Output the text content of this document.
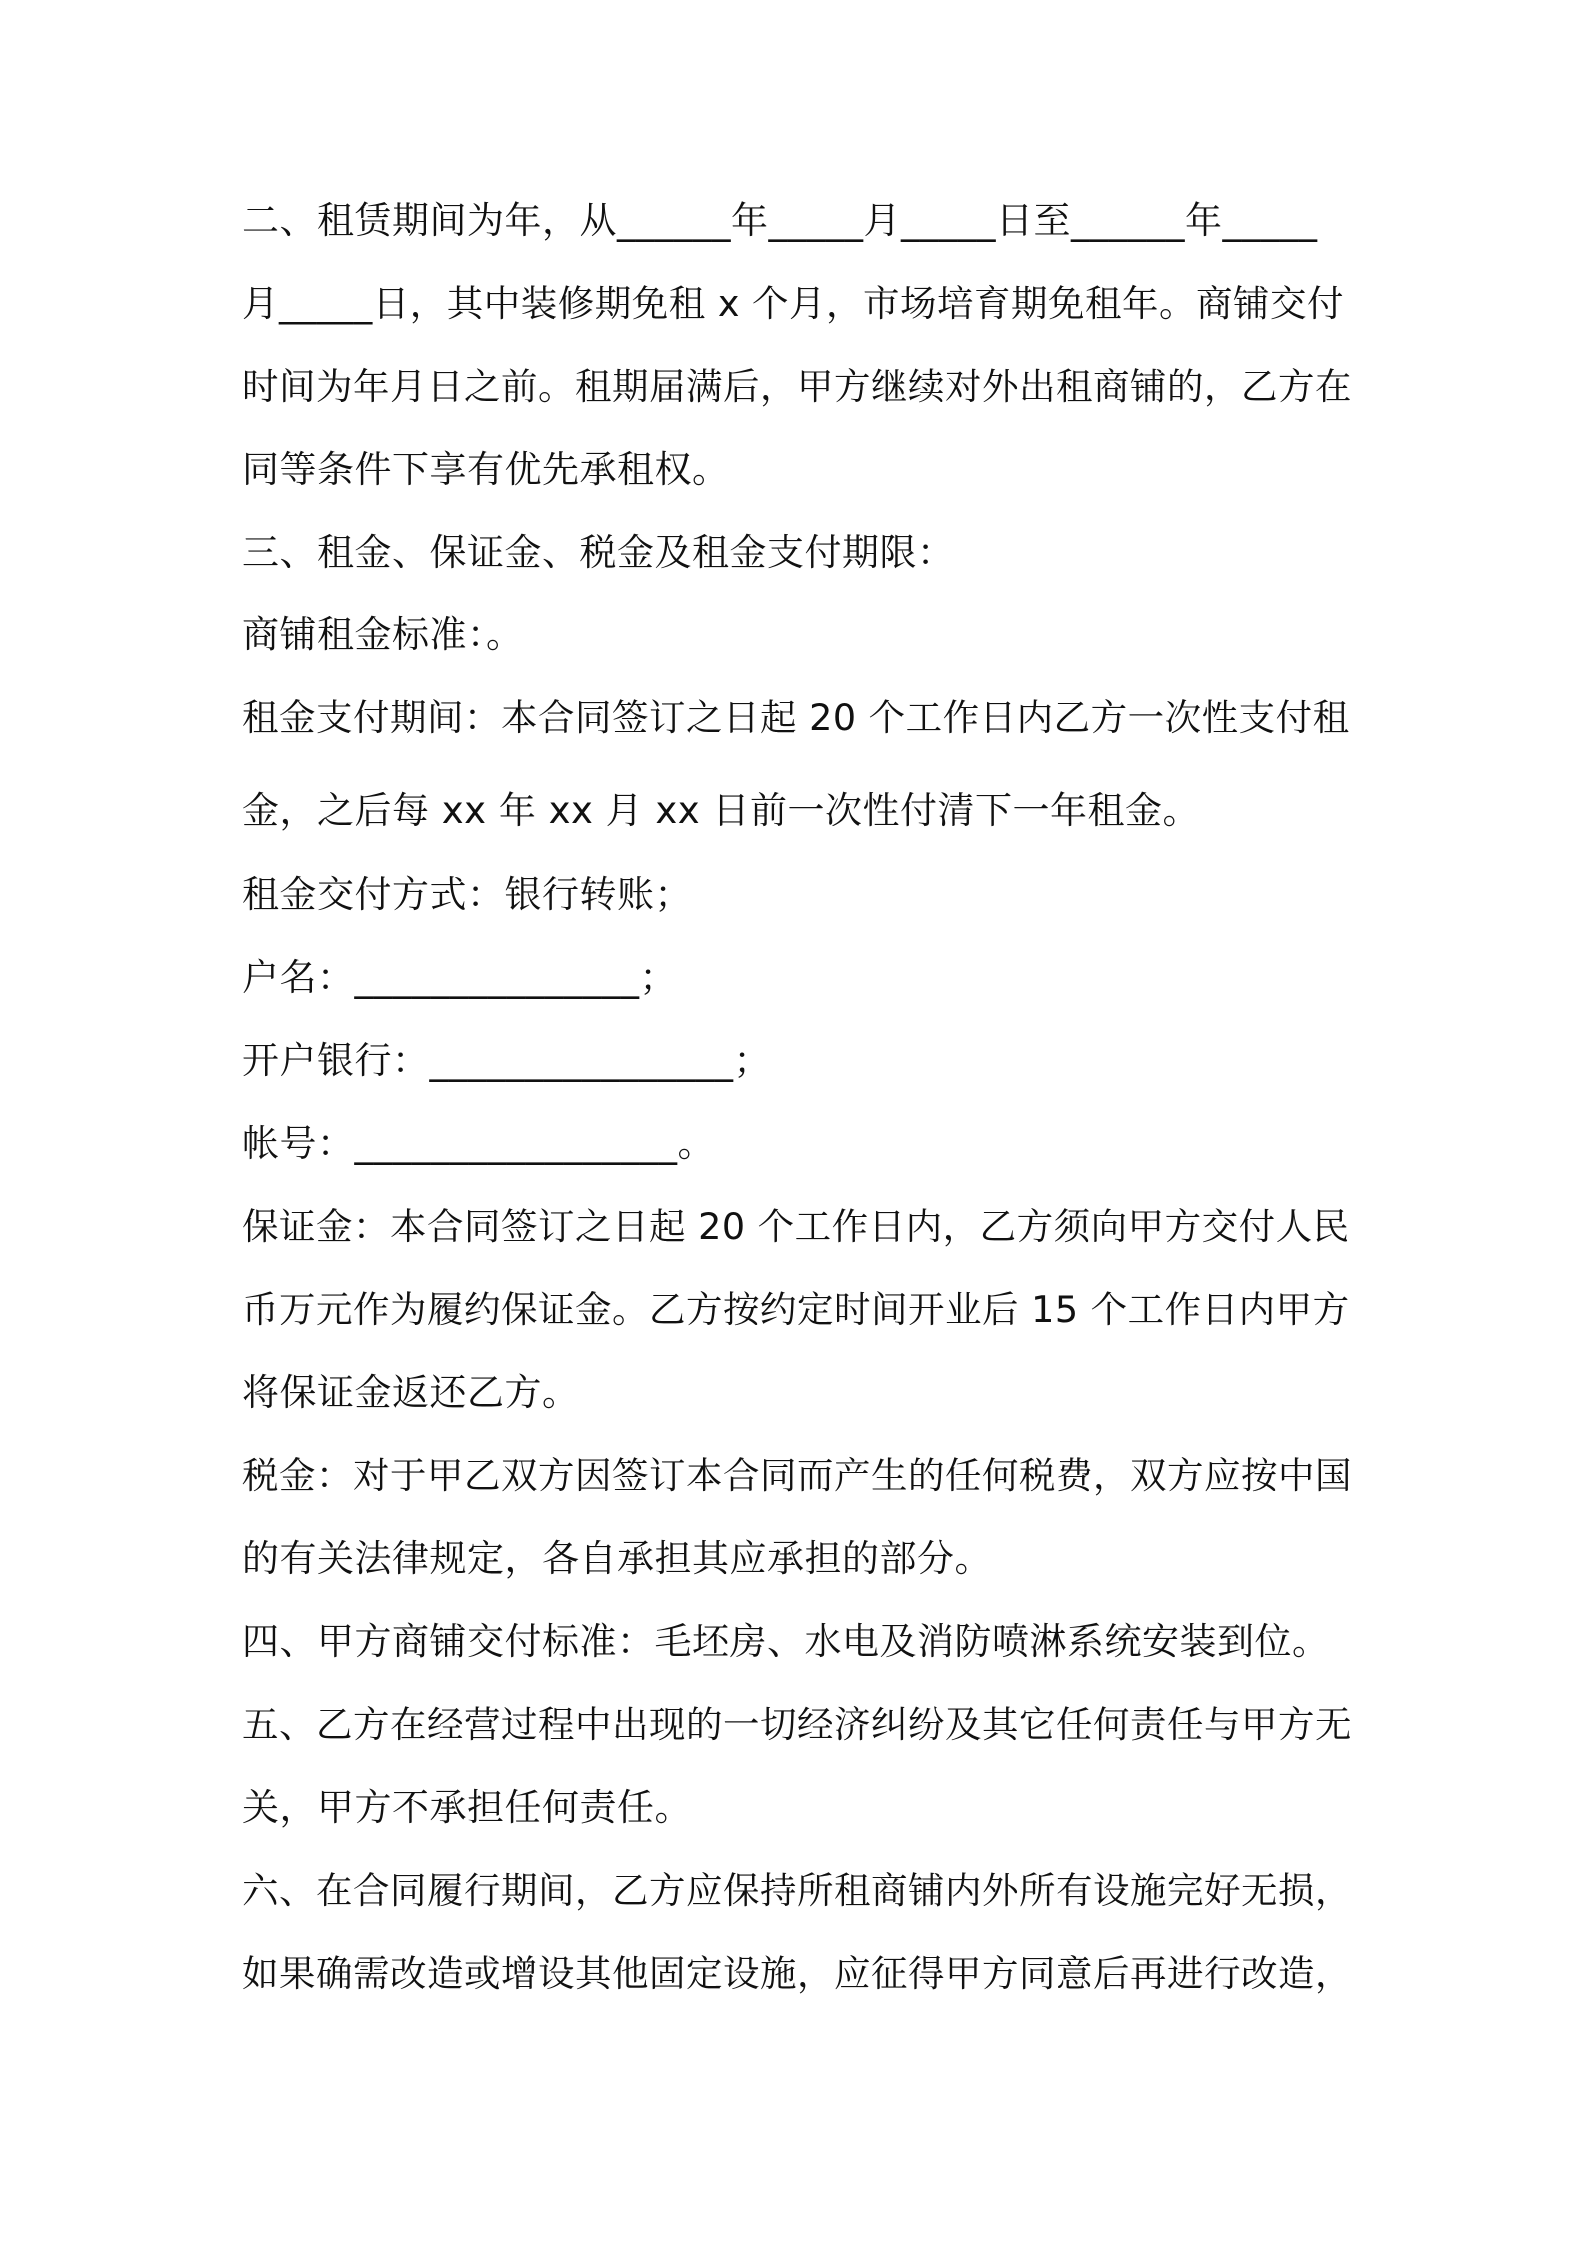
二、租赁期间为年，从______年_____月_____日至______年_____
月_____日，其中装修期免租 x 个月，市场培育期免租年。商铺交付
时间为年月日之前。租期届满后，甲方继续对外出租商铺的，乙方在
同等条件下享有优先承租权。
三、租金、保证金、税金及租金支付期限：
商铺租金标准：。
租金支付期间：本合同签订之日起 20 个工作日内乙方一次性支付租
金，之后每 xx 年 xx 月 xx 日前一次性付清下一年租金。
租金交付方式：银行转账；
户名：_______________；
开户银行：________________；
帐号：_________________。
保证金：本合同签订之日起 20 个工作日内，乙方须向甲方交付人民
币万元作为履约保证金。乙方按约定时间开业后 15 个工作日内甲方
将保证金返还乙方。
税金：对于甲乙双方因签订本合同而产生的任何税费，双方应按中国
的有关法律规定，各自承担其应承担的部分。
四、甲方商铺交付标准：毛坯房、水电及消防喷淋系统安装到位。
五、乙方在经营过程中出现的一切经济纠纷及其它任何责任与甲方无
关，甲方不承担任何责任。
六、在合同履行期间，乙方应保持所租商铺内外所有设施完好无损，
如果确需改造或增设其他固定设施，应征得甲方同意后再进行改造，
